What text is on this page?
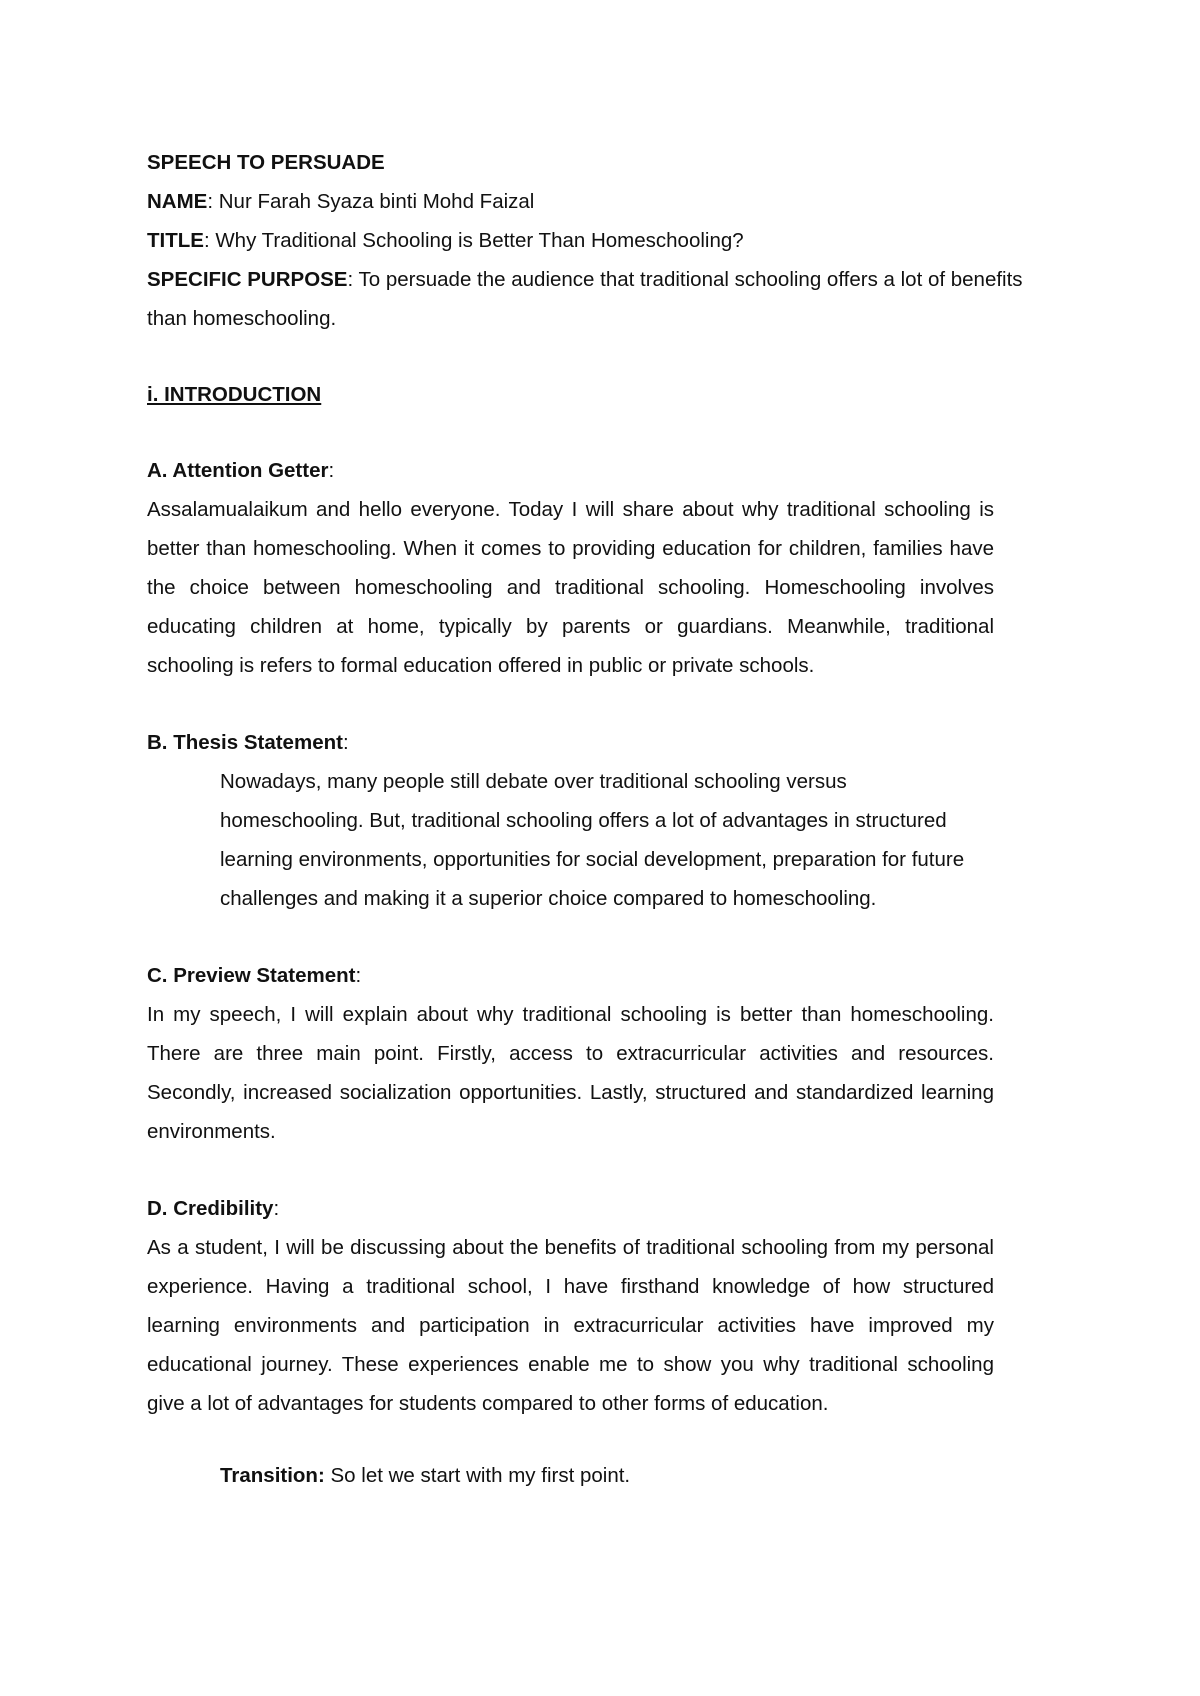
SPEECH TO PERSUADE

NAME: Nur Farah Syaza binti Mohd Faizal

TITLE: Why Traditional Schooling is Better Than Homeschooling?

SPECIFIC PURPOSE: To persuade the audience that traditional schooling offers a lot of benefits than homeschooling.

i. INTRODUCTION

A. Attention Getter:

Assalamualaikum and hello everyone. Today I will share about why traditional schooling is better than homeschooling. When it comes to providing education for children, families have the choice between homeschooling and traditional schooling. Homeschooling involves educating children at home, typically by parents or guardians. Meanwhile, traditional schooling is refers to formal education offered in public or private schools.

B. Thesis Statement:

Nowadays, many people still debate over traditional schooling versus

homeschooling. But, traditional schooling offers a lot of advantages in structured

learning environments, opportunities for social development, preparation for future

challenges and making it a superior choice compared to homeschooling.

C. Preview Statement:

In my speech, I will explain about why traditional schooling is better than homeschooling. There are three main point. Firstly, access to extracurricular activities and resources. Secondly, increased socialization opportunities. Lastly, structured and standardized learning environments.

D. Credibility:

As a student, I will be discussing about the benefits of traditional schooling from my personal experience. Having a traditional school, I have firsthand knowledge of how structured learning environments and participation in extracurricular activities have improved my educational journey. These experiences enable me to show you why traditional schooling give a lot of advantages for students compared to other forms of education.

Transition: So let we start with my first point.
